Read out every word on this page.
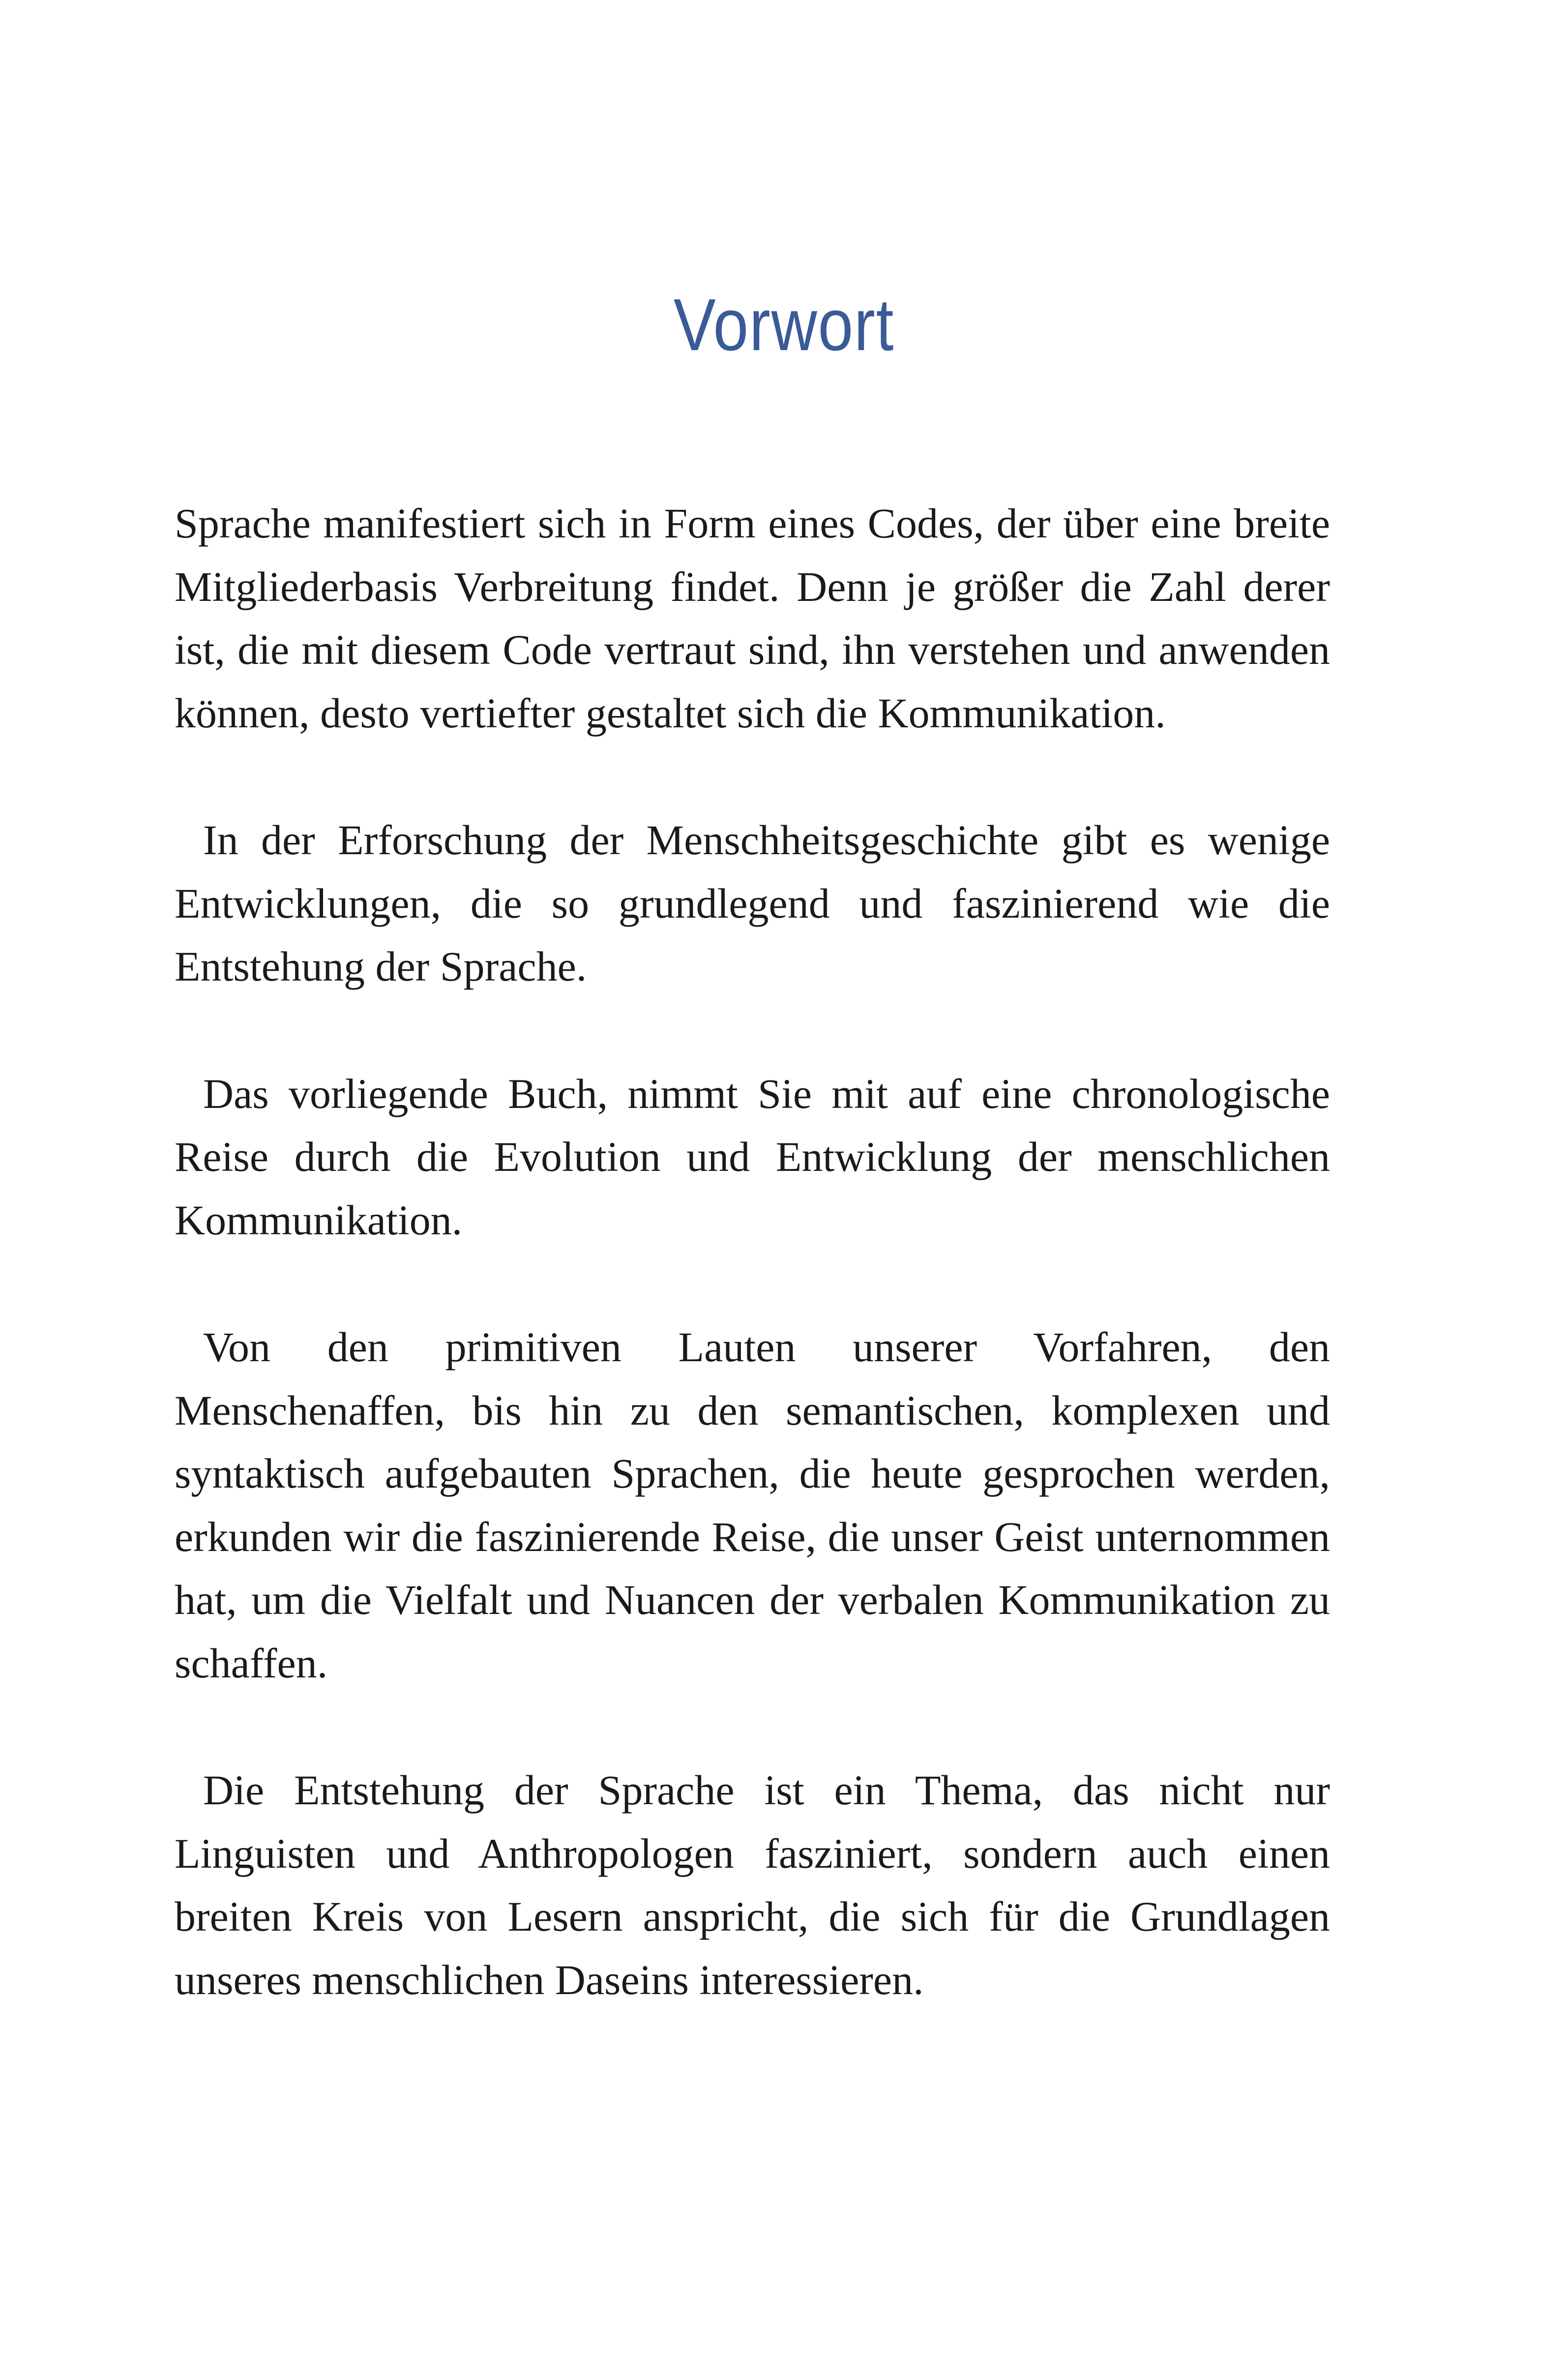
Vorwort

Sprache manifestiert sich in Form eines Codes, der über eine breite Mitgliederbasis Verbreitung findet. Denn je größer die Zahl derer ist, die mit diesem Code vertraut sind, ihn verstehen und anwenden können, desto vertiefter gestaltet sich die Kommunikation.

In der Erforschung der Menschheitsgeschichte gibt es wenige Entwicklungen, die so grundlegend und faszinierend wie die Entstehung der Sprache.

Das vorliegende Buch, nimmt Sie mit auf eine chronologische Reise durch die Evolution und Entwicklung der menschlichen Kommunikation.

Von den primitiven Lauten unserer Vorfahren, den Menschenaffen, bis hin zu den semantischen, komplexen und syntaktisch aufgebauten Sprachen, die heute gesprochen werden, erkunden wir die faszinierende Reise, die unser Geist unternommen hat, um die Vielfalt und Nuancen der verbalen Kommunikation zu schaffen.

Die Entstehung der Sprache ist ein Thema, das nicht nur Linguisten und Anthropologen fasziniert, sondern auch einen breiten Kreis von Lesern anspricht, die sich für die Grundlagen unseres menschlichen Daseins interessieren.
